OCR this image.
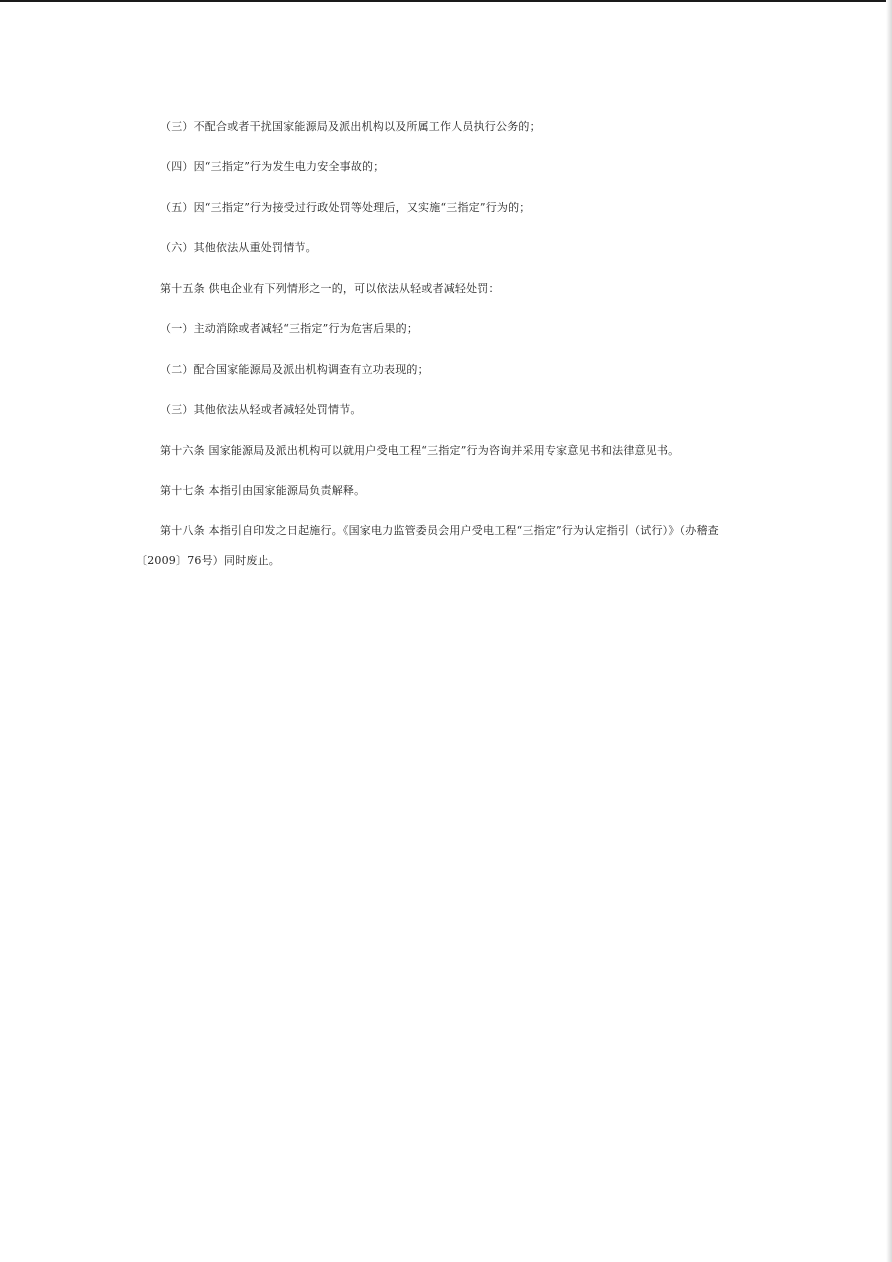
（三）不配合或者干扰国家能源局及派出机构以及所属工作人员执行公务的；
（四）因“三指定”行为发生电力安全事故的；
（五）因“三指定”行为接受过行政处罚等处理后，又实施“三指定”行为的；
（六）其他依法从重处罚情节。
第十五条 供电企业有下列情形之一的，可以依法从轻或者减轻处罚：
（一）主动消除或者减轻“三指定”行为危害后果的；
（二）配合国家能源局及派出机构调查有立功表现的；
（三）其他依法从轻或者减轻处罚情节。
第十六条 国家能源局及派出机构可以就用户受电工程“三指定”行为咨询并采用专家意见书和法律意见书。
第十七条 本指引由国家能源局负责解释。
第十八条 本指引自印发之日起施行。《国家电力监管委员会用户受电工程“三指定”行为认定指引（试行）》（办稽查〔2009〕76号）同时废止。
